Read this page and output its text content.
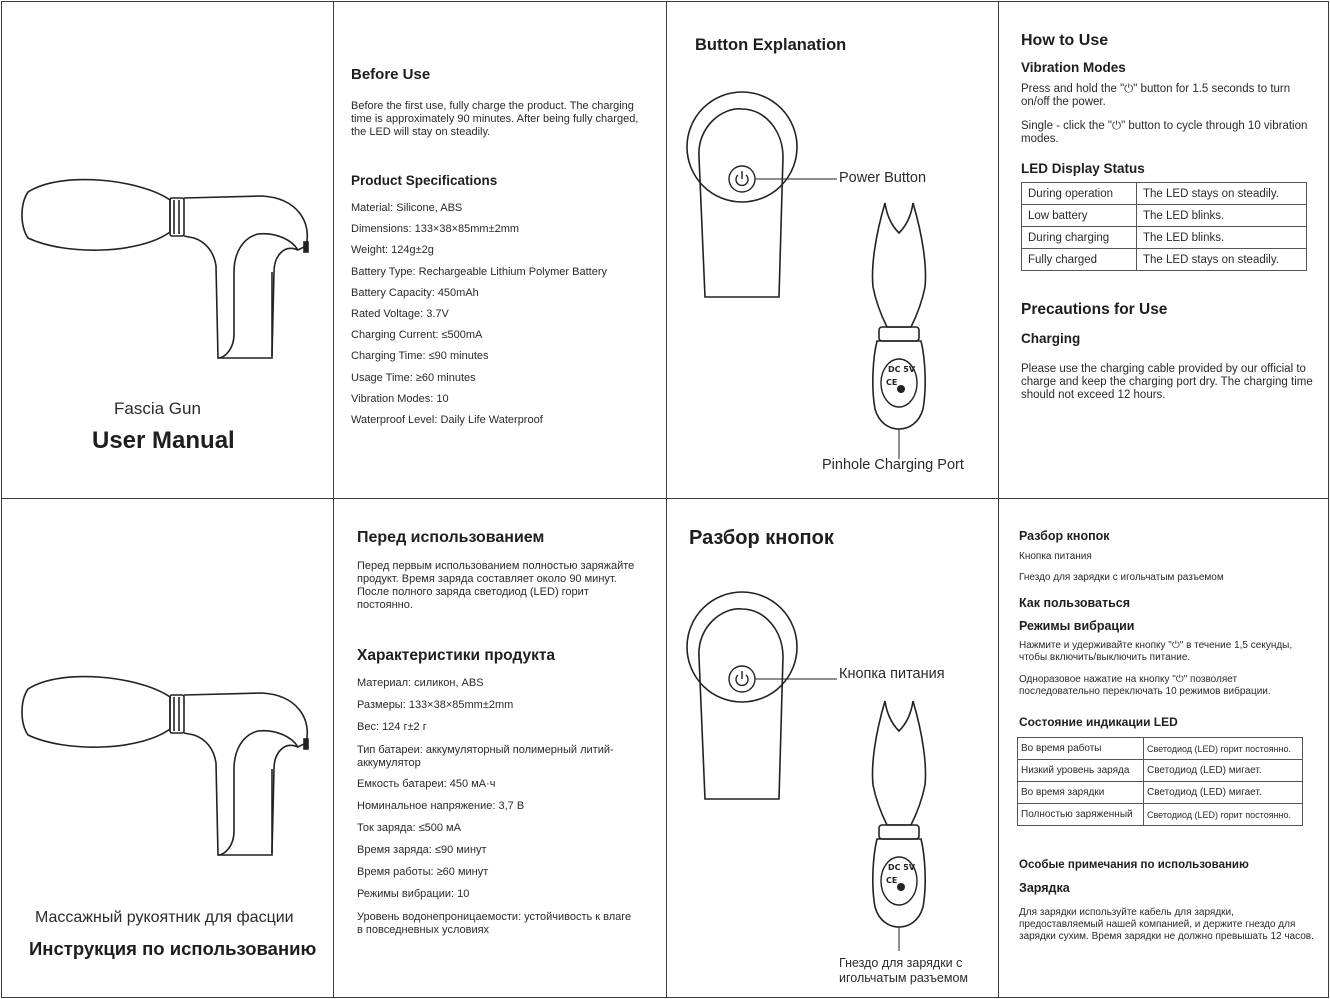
Fascia Gun
User Manual
Before Use
Before the first use, fully charge the product. The charging time is approximately 90 minutes. After being fully charged, the LED will stay on steadily.
Product Specifications
Material: Silicone, ABS
Dimensions: 133×38×85mm±2mm
Weight: 124g±2g
Battery Type: Rechargeable Lithium Polymer Battery
Battery Capacity: 450mAh
Rated Voltage: 3.7V
Charging Current: ≤500mA
Charging Time: ≤90 minutes
Usage Time: ≥60 minutes
Vibration Modes: 10
Waterproof Level: Daily Life Waterproof
Button Explanation
DC 5V
CE
Power Button
Pinhole Charging Port
How to Use
Vibration Modes
Press and hold the "⏻" button for 1.5 seconds to turn on/off the power.
Single - click the "⏻" button to cycle through 10 vibration modes.
LED Display Status
During operation	The LED stays on steadily.
Low battery	The LED blinks.
During charging	The LED blinks.
Fully charged	The LED stays on steadily.
Precautions for Use
Charging
Please use the charging cable provided by our official to charge and keep the charging port dry. The charging time should not exceed 12 hours.
Массажный рукоятник для фасции
Инструкция по использованию
Перед использованием
Перед первым использованием полностью заряжайте продукт. Время заряда составляет около 90 минут. После полного заряда светодиод (LED) горит постоянно.
Характеристики продукта
Материал: силикон, ABS
Размеры: 133×38×85mm±2mm
Вес: 124 г±2 г
Тип батареи: аккумуляторный полимерный литий-аккумулятор
Емкость батареи: 450 мА·ч
Номинальное напряжение: 3,7 В
Ток заряда: ≤500 мА
Время заряда: ≤90 минут
Время работы: ≥60 минут
Режимы вибрации: 10
Уровень водонепроницаемости: устойчивость к влаге в повседневных условиях
Разбор кнопок
DC 5V
CE
Кнопка питания
Гнездо для зарядки с игольчатым разъемом
Разбор кнопок
Кнопка питания
Гнездо для зарядки с игольчатым разъемом
Как пользоваться
Режимы вибрации
Нажмите и удерживайте кнопку "⏻" в течение 1,5 секунды, чтобы включить/выключить питание.
Одноразовое нажатие на кнопку "⏻" позволяет последовательно переключать 10 режимов вибрации.
Состояние индикации LED
Во время работы	Светодиод (LED) горит постоянно.
Низкий уровень заряда	Светодиод (LED) мигает.
Во время зарядки	Светодиод (LED) мигает.
Полностью заряженный	Светодиод (LED) горит постоянно.
Особые примечания по использованию
Зарядка
Для зарядки используйте кабель для зарядки, предоставляемый нашей компанией, и держите гнездо для зарядки сухим. Время зарядки не должно превышать 12 часов.
